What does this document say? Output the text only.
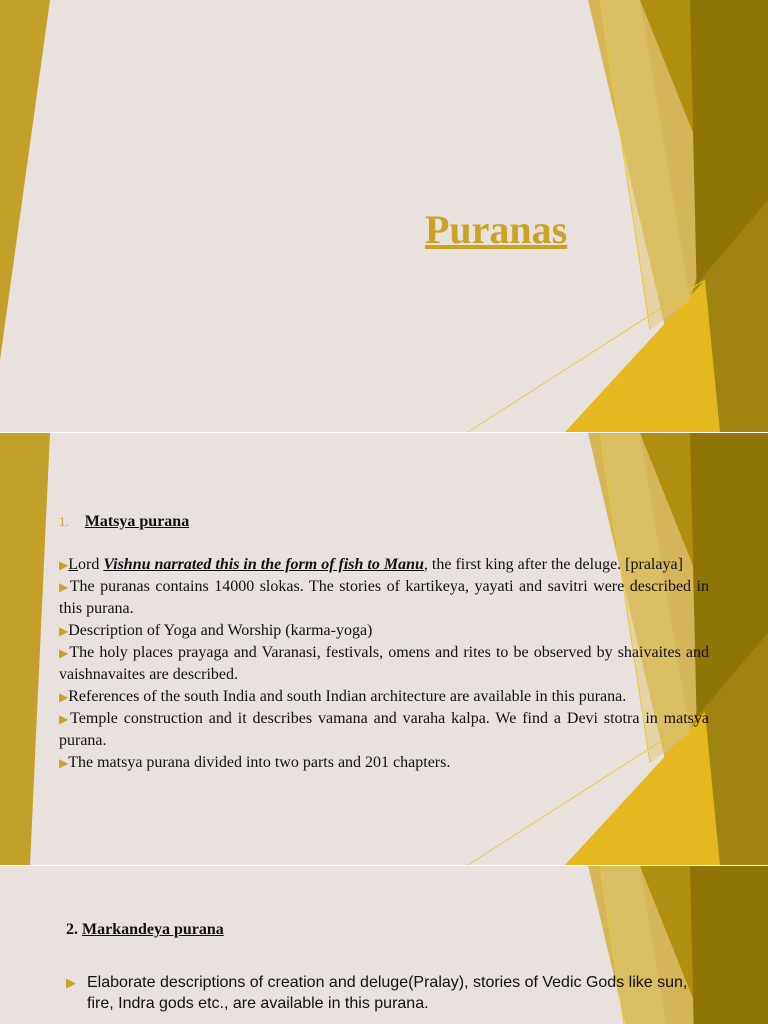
Puranas
1. Matsya purana

▶Lord Vishnu narrated this in the form of fish to Manu, the first king after the deluge. [pralaya]

▶The puranas contains 14000 slokas. The stories of kartikeya, yayati and savitri were described in this purana.

▶Description of Yoga and Worship (karma-yoga)

▶The holy places prayaga and Varanasi, festivals, omens and rites to be observed by shaivaites and vaishnavaites are described.

▶References of the south India and south Indian architecture are available in this purana.

▶Temple construction and it describes vamana and varaha kalpa. We find a Devi stotra in matsya purana.

▶The matsya purana divided into two parts and 201 chapters.

2. Markandeya purana
▶ Elaborate descriptions of creation and deluge(Pralay), stories of Vedic Gods like sun, fire, Indra gods etc., are available in this purana.
